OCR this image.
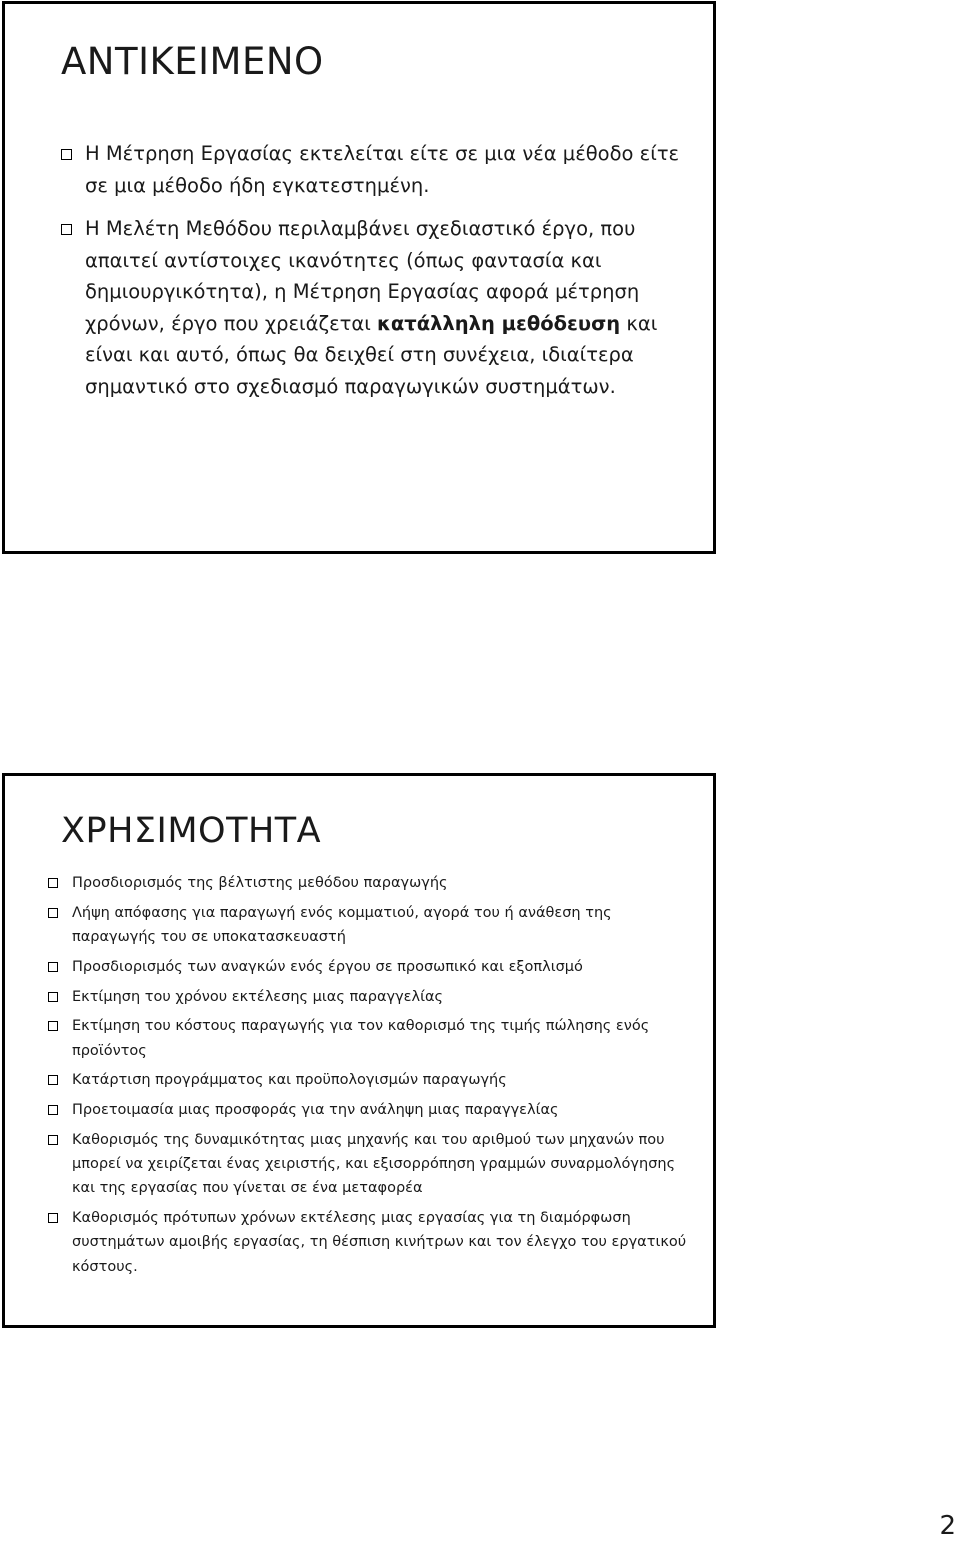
ΑΝΤΙΚΕΙΜΕΝΟ
Η Μέτρηση Εργασίας εκτελείται είτε σε μια νέα μέθοδο είτε σε μια μέθοδο ήδη εγκατεστημένη.
Η Μελέτη Μεθόδου περιλαμβάνει σχεδιαστικό έργο, που απαιτεί αντίστοιχες ικανότητες (όπως φαντασία και δημιουργικότητα), η Μέτρηση Εργασίας αφορά μέτρηση χρόνων, έργο που χρειάζεται κατάλληλη μεθόδευση και είναι και αυτό, όπως θα δειχθεί στη συνέχεια, ιδιαίτερα σημαντικό στο σχεδιασμό παραγωγικών συστημάτων.
ΧΡΗΣΙΜΟΤΗΤΑ
Προσδιορισμός της βέλτιστης μεθόδου παραγωγής
Λήψη απόφασης για παραγωγή ενός κομματιού, αγορά του ή ανάθεση της παραγωγής του σε υποκατασκευαστή
Προσδιορισμός των αναγκών ενός έργου σε προσωπικό και εξοπλισμό
Εκτίμηση του χρόνου εκτέλεσης μιας παραγγελίας
Εκτίμηση του κόστους παραγωγής για τον καθορισμό της τιμής πώλησης ενός προϊόντος
Κατάρτιση προγράμματος και προϋπολογισμών παραγωγής
Προετοιμασία μιας προσφοράς για την ανάληψη μιας παραγγελίας
Καθορισμός της δυναμικότητας μιας μηχανής και του αριθμού των μηχανών που μπορεί να χειρίζεται ένας χειριστής, και εξισορρόπηση γραμμών συναρμολόγησης και της εργασίας που γίνεται σε ένα μεταφορέα
Καθορισμός πρότυπων χρόνων εκτέλεσης μιας εργασίας για τη διαμόρφωση συστημάτων αμοιβής εργασίας, τη θέσπιση κινήτρων και τον έλεγχο του εργατικού κόστους.
2
